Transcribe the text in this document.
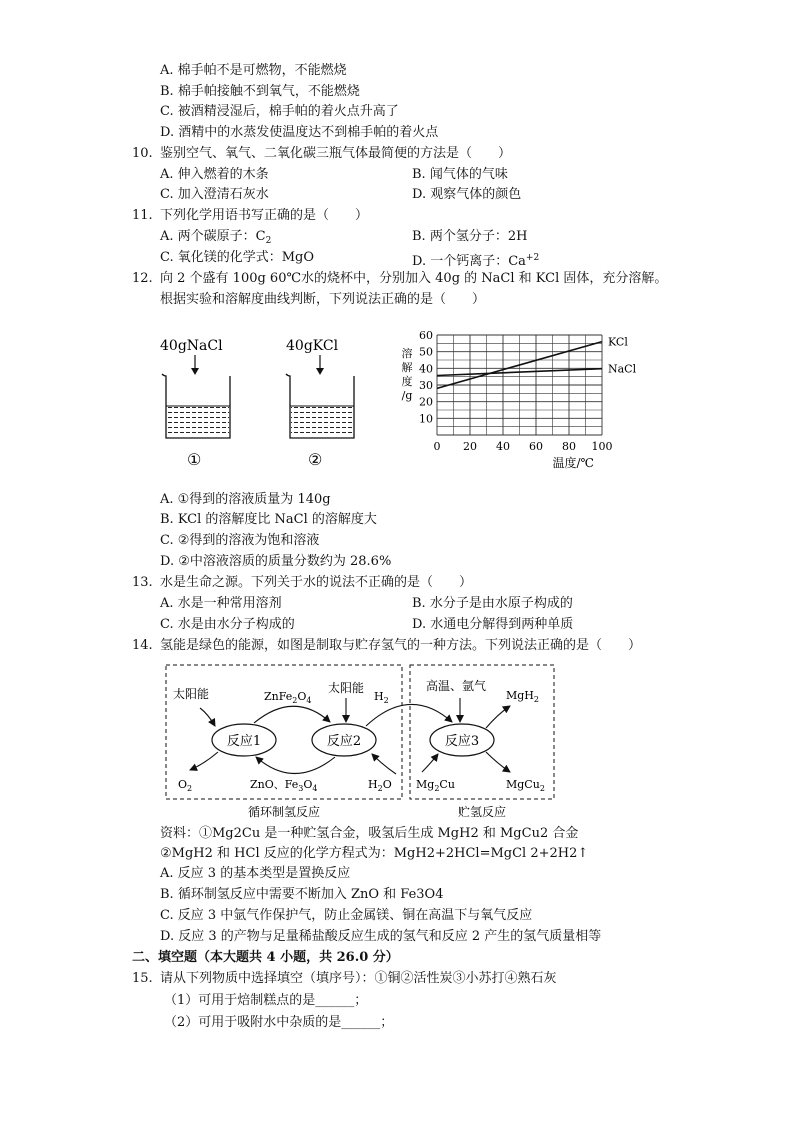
A. 棉手帕不是可燃物，不能燃烧
B. 棉手帕接触不到氧气，不能燃烧
C. 被酒精浸湿后，棉手帕的着火点升高了
D. 酒精中的水蒸发使温度达不到棉手帕的着火点
10. 鉴别空气、氧气、二氧化碳三瓶气体最简便的方法是（　　）
A. 伸入燃着的木条	B. 闻气体的气味
C. 加入澄清石灰水	D. 观察气体的颜色
11. 下列化学用语书写正确的是（　　）
A. 两个碳原子：$C_2$	B. 两个氢分子：2H
C. 氧化镁的化学式：MgO	D. 一个钙离子：$Ca^{+2}$
12. 向 2 个盛有 100g 60℃水的烧杯中，分别加入 40g 的 NaCl 和 KCl 固体，充分溶解。
根据实验和溶解度曲线判断，下列说法正确的是（　　）
40gNaCl
①
40gKCl
②
10
20
30
40
50
60
0 20 40 60 80 100
溶
解
度
/g
温度/℃
KCl
NaCl
A. ①得到的溶液质量为 140g
B. KCl 的溶解度比 NaCl 的溶解度大
C. ②得到的溶液为饱和溶液
D. ②中溶液溶质的质量分数约为 28.6%
13. 水是生命之源。下列关于水的说法不正确的是（　　）
A. 水是一种常用溶剂	B. 水分子是由水原子构成的
C. 水是由水分子构成的	D. 水通电分解得到两种单质
14. 氢能是绿色的能源，如图是制取与贮存氢气的一种方法。下列说法正确的是（　　）
太阳能	$ZnFe_2O_4$
太阳能
$H_2$
高温、氩气
MgH$_2$
反应1	反应2	反应3
$O_2$	ZnO、$Fe_3O_4$	$H_2O$ $Mg_2Cu$	MgCu$_2$
循环制氢反应	贮氢反应
资料：①Mg2Cu 是一种贮氢合金，吸氢后生成 MgH2 和 MgCu2 合金
②MgH2 和 HCl 反应的化学方程式为：MgH2+2HCl=MgCl 2+2H2↑
A. 反应 3 的基本类型是置换反应
B. 循环制氢反应中需要不断加入 ZnO 和 Fe3O4
C. 反应 3 中氩气作保护气，防止金属镁、铜在高温下与氧气反应
D. 反应 3 的产物与足量稀盐酸反应生成的氢气和反应 2 产生的氢气质量相等
二、填空题（本大题共 4 小题，共 26.0 分）
15. 请从下列物质中选择填空（填序号）：①铜②活性炭③小苏打④熟石灰
（1）可用于焙制糕点的是______；
（2）可用于吸附水中杂质的是______；
